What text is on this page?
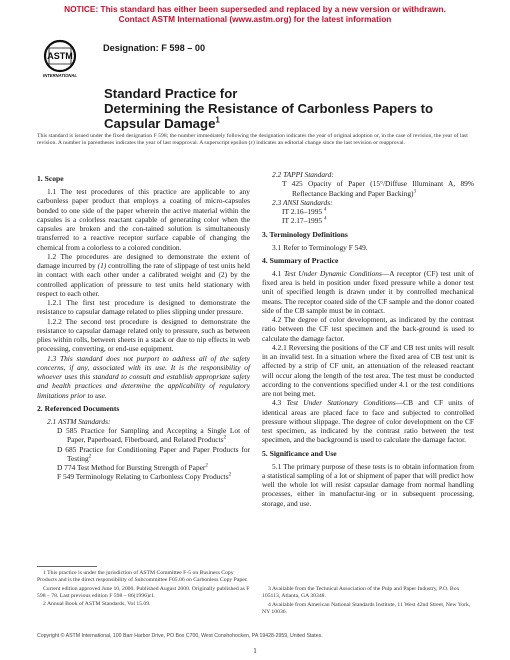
NOTICE: This standard has either been superseded and replaced by a new version or withdrawn.
Contact ASTM International (www.astm.org) for the latest information
ASTM
INTERNATIONAL
Designation: F 598 – 00
Standard Practice for
Determining the Resistance of Carbonless Papers to
Capsular Damage$^1$
This standard is issued under the fixed designation F 598; the number immediately following the designation indicates the year of original adoption or, in the case of revision, the year of last revision. A number in parentheses indicates the year of last reapproval. A superscript epsilon (ε) indicates an editorial change since the last revision or reapproval.
1. Scope

1.1 The test procedures of this practice are applicable to any carbonless paper product that employs a coating of micro-capsules bonded to one side of the paper wherein the active material within the capsules is a colorless reactant capable of generating color when the capsules are broken and the con-tained solution is simultaneously transferred to a reactive receptor surface capable of changing the chemical from a colorless to a colored condition.

1.2 The procedures are designed to demonstrate the extent of damage incurred by (1) controlling the rate of slippage of test units held in contact with each other under a calibrated weight and (2) by the controlled application of pressure to test units held stationary with respect to each other.

1.2.1 The first test procedure is designed to demonstrate the resistance to capsular damage related to plies slipping under pressure.

1.2.2 The second test procedure is designed to demonstrate the resistance to capsular damage related only to pressure, such as between plies within rolls, between sheets in a stack or due to nip effects in web processing, converting, or end-use equipment.

1.3 This standard does not purport to address all of the safety concerns, if any, associated with its use. It is the responsibility of whoever uses this standard to consult and establish appropriate safety and health practices and determine the applicability of regulatory limitations prior to use.

2. Referenced Documents

2.1 ASTM Standards:

D 585 Practice for Sampling and Accepting a Single Lot of Paper, Paperboard, Fiberboard, and Related Products$^2$

D 685 Practice for Conditioning Paper and Paper Products for Testing$^2$

D 774 Test Method for Bursting Strength of Paper$^2$

F 549 Terminology Relating to Carbonless Copy Products$^2$

2.2 TAPPI Standard:

T 425 Opacity of Paper (15°/Diffuse Illuminant A, 89% Reflectance Backing and Paper Backing)$^3$

2.3 ANSI Standards:

IT 2.16–1995 $^4$

IT 2.17–1995 $^4$

3. Terminology Definitions

3.1 Refer to Terminology F 549.

4. Summary of Practice

4.1 Test Under Dynamic Conditions—A receptor (CF) test unit of fixed area is held in position under fixed pressure while a donor test unit of specified length is drawn under it by controlled mechanical means. The receptor coated side of the CF sample and the donor coated side of the CB sample must be in contact.

4.2 The degree of color development, as indicated by the contrast ratio between the CF test specimen and the back-ground is used to calculate the damage factor.

4.2.1 Reversing the positions of the CF and CB test units will result in an invalid test. In a situation where the fixed area of CB test unit is affected by a strip of CF unit, an attenuation of the released reactant will occur along the length of the test area. The test must be conducted according to the conventions specified under 4.1 or the test conditions are not being met.

4.3 Test Under Stationary Conditions—CB and CF units of identical areas are placed face to face and subjected to controlled pressure without slippage. The degree of color development on the CF test specimen, as indicated by the contrast ratio between the test specimen, and the background is used to calculate the damage factor.

5. Significance and Use

5.1 The primary purpose of these tests is to obtain information from a statistical sampling of a lot or shipment of paper that will predict how well the whole lot will resist capsular damage from normal handling processes, either in manufactur-ing or in subsequent processing, storage, and use.

1 This practice is under the jurisdiction of ASTM Committee F-5 on Business Copy Products and is the direct responsibility of Subcommittee F05.06 on Carbonless Copy Paper.

Current edition approved June 10, 2000. Published August 2000. Originally published as F 598 – 78. Last previous edition F 598 – 86(1996)ε1.

2 Annual Book of ASTM Standards, Vol 15.09.

3 Available from the Technical Association of the Pulp and Paper Industry, P.O. Box 105113, Atlanta, GA 30348.

4 Available from American National Standards Institute, 11 West 42nd Street, New York, NY 10036.

Copyright © ASTM International, 100 Barr Harbor Drive, PO Box C700, West Conshohocken, PA 19428-2959, United States.
1
